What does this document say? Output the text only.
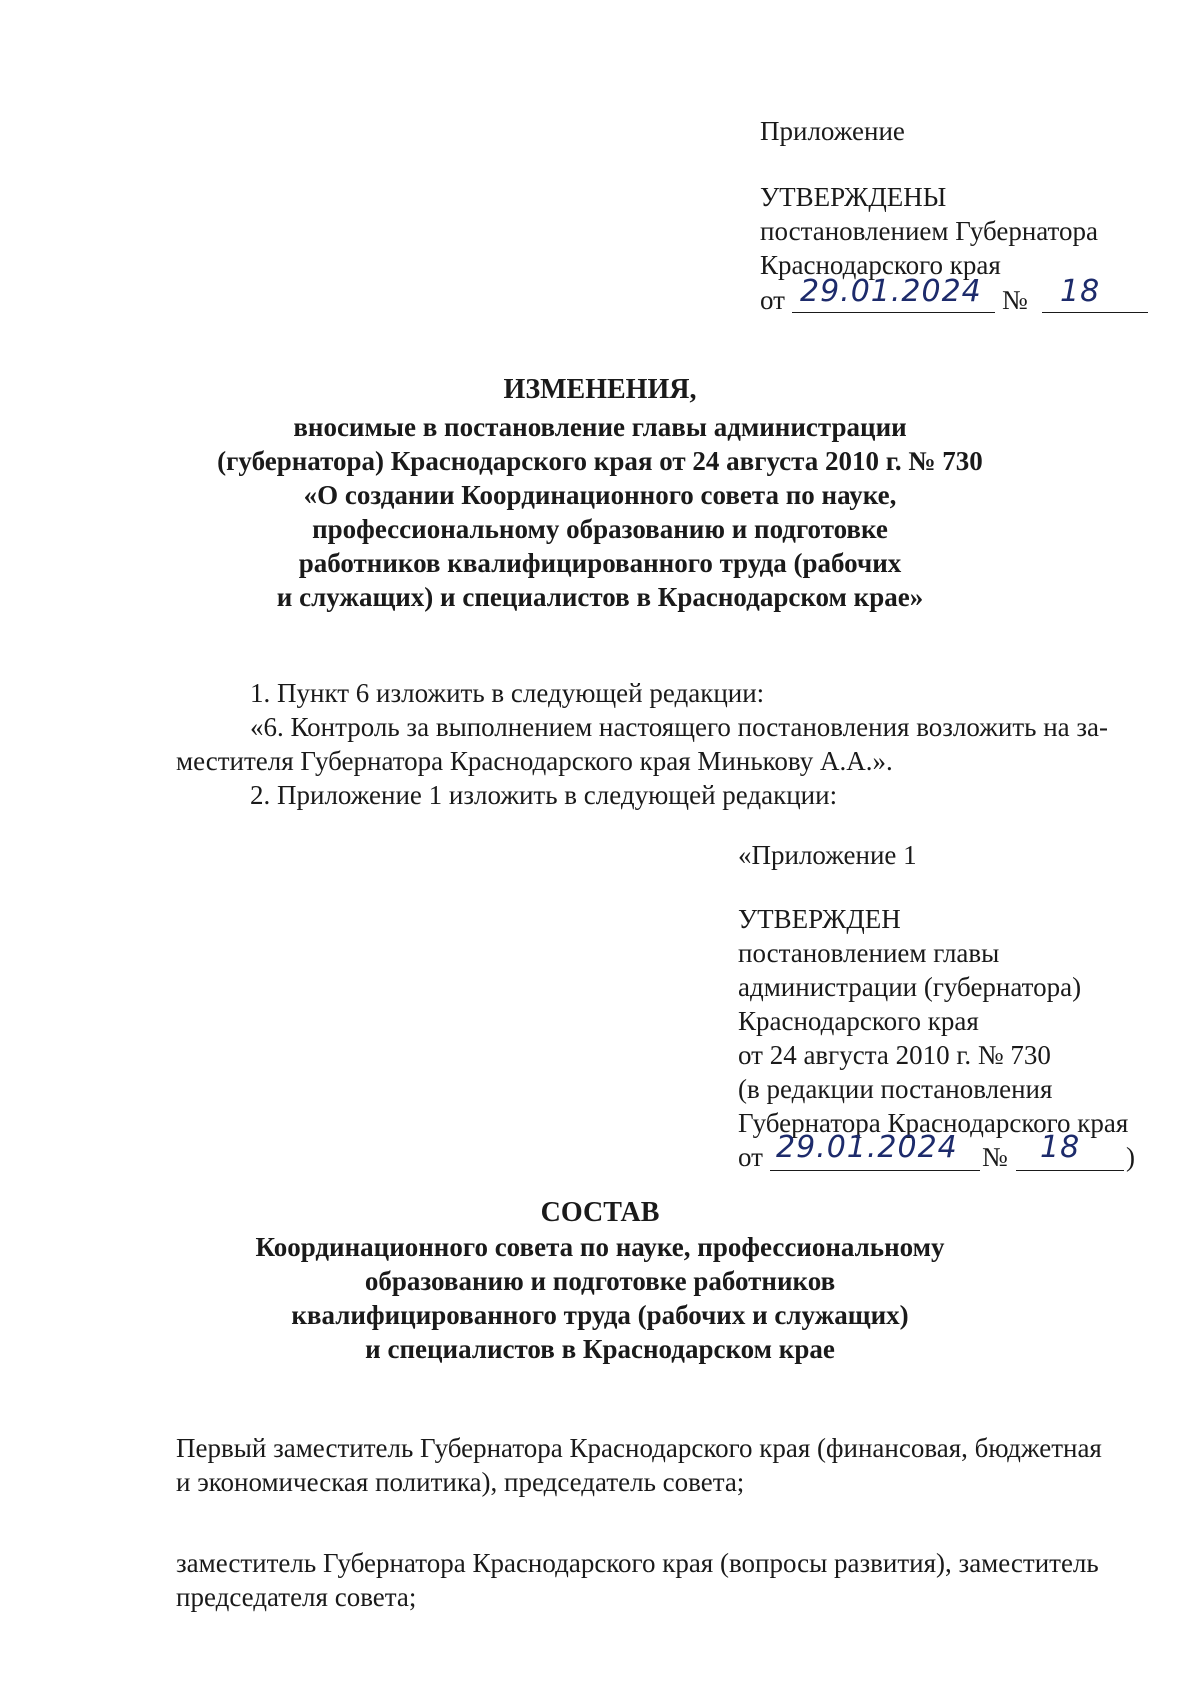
Приложение
УТВЕРЖДЕНЫ
постановлением Губернатора
Краснодарского края
от 29.01.2024 № 18
ИЗМЕНЕНИЯ,
вносимые в постановление главы администрации
(губернатора) Краснодарского края от 24 августа 2010 г. № 730
«О создании Координационного совета по науке,
профессиональному образованию и подготовке
работников квалифицированного труда (рабочих
и служащих) и специалистов в Краснодарском крае»
1. Пункт 6 изложить в следующей редакции:
«6. Контроль за выполнением настоящего постановления возложить на за-
местителя Губернатора Краснодарского края Минькову А.А.».
2. Приложение 1 изложить в следующей редакции:
«Приложение 1
УТВЕРЖДЕН
постановлением главы
администрации (губернатора)
Краснодарского края
от 24 августа 2010 г. № 730
(в редакции постановления
Губернатора Краснодарского края
от 29.01.2024 № 18 )
СОСТАВ
Координационного совета по науке, профессиональному
образованию и подготовке работников
квалифицированного труда (рабочих и служащих)
и специалистов в Краснодарском крае
Первый заместитель Губернатора Краснодарского края (финансовая, бюджетная
и экономическая политика), председатель совета;
заместитель Губернатора Краснодарского края (вопросы развития), заместитель
председателя совета;
